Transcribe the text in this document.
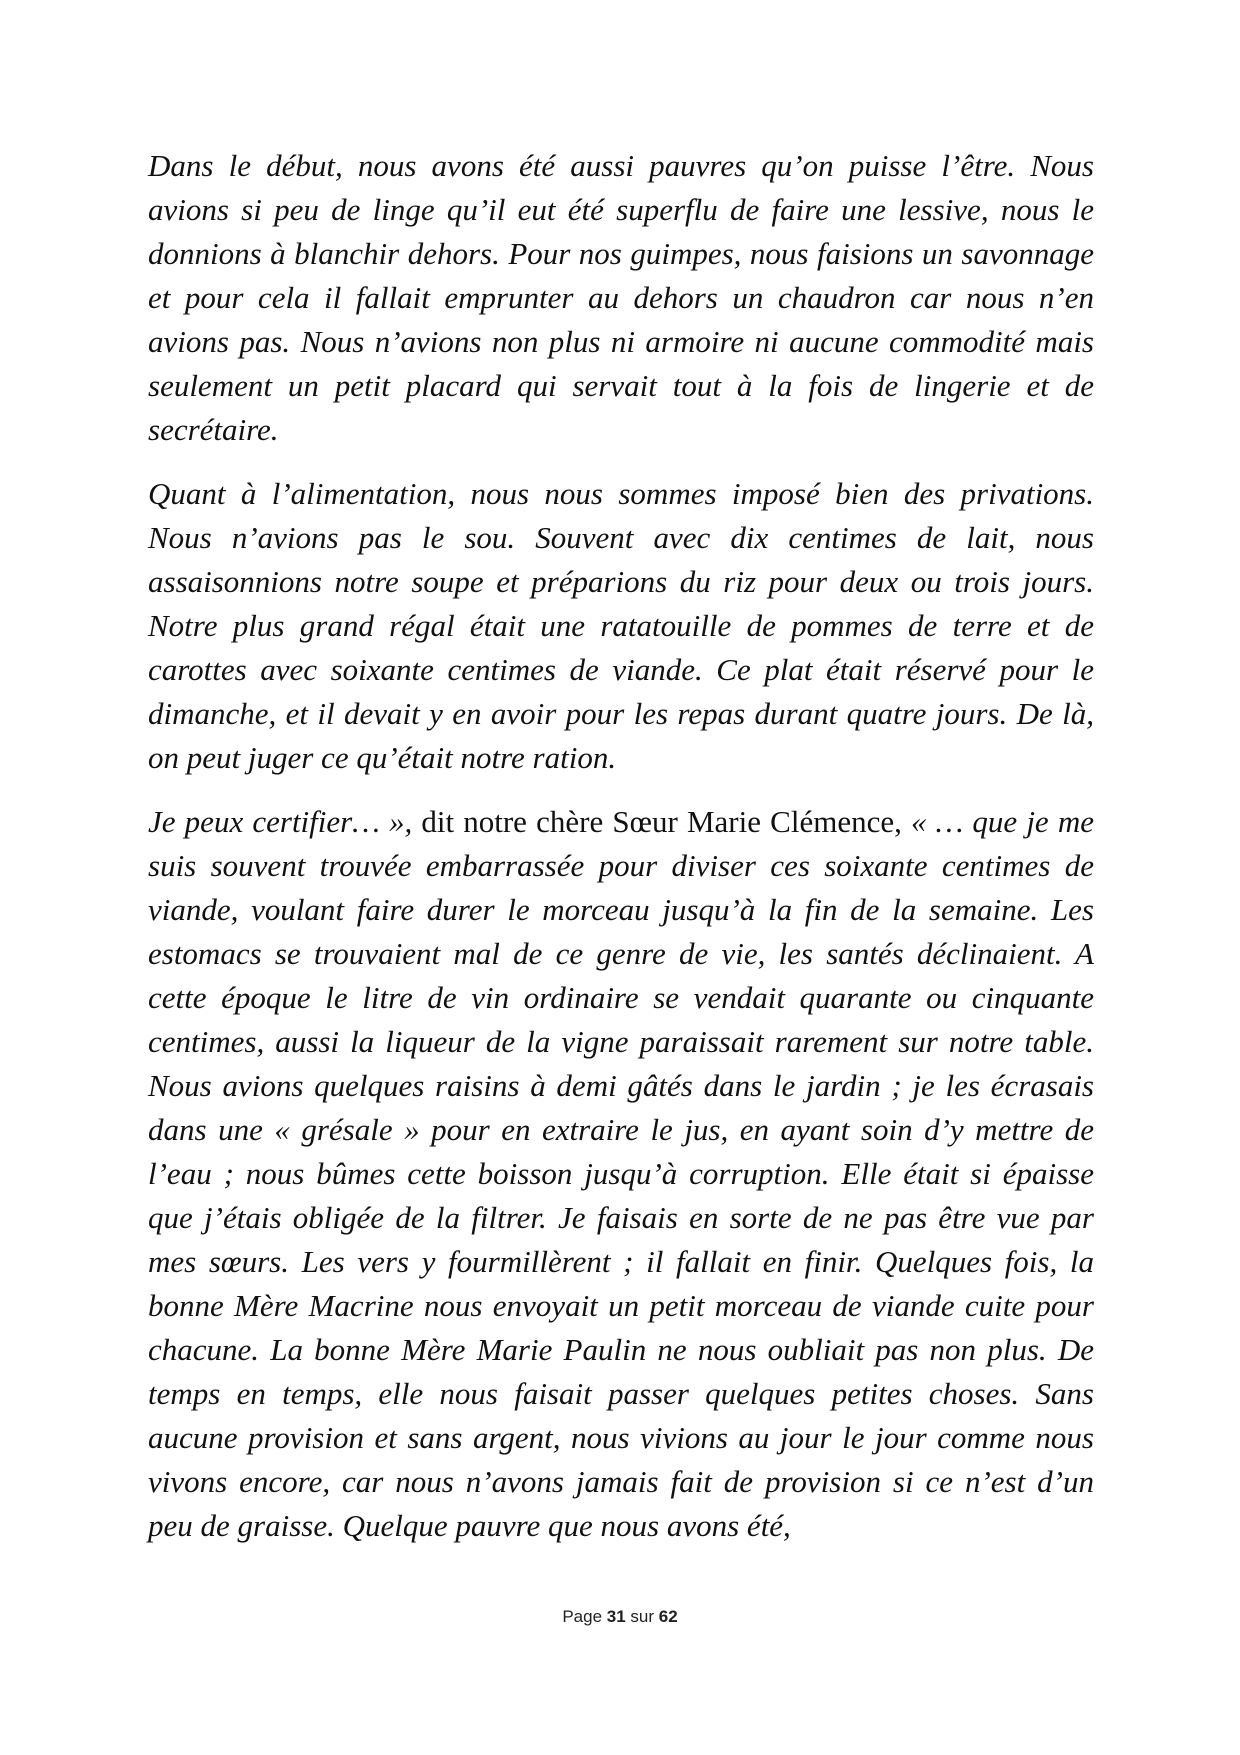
Dans le début, nous avons été aussi pauvres qu’on puisse l’être. Nous avions si peu de linge qu’il eut été superflu de faire une lessive, nous le donnions à blanchir dehors. Pour nos guimpes, nous faisions un savonnage et pour cela il fallait emprunter au dehors un chaudron car nous n’en avions pas. Nous n’avions non plus ni armoire ni aucune commodité mais seulement un petit placard qui servait tout à la fois de lingerie et de secrétaire.

Quant à l’alimentation, nous nous sommes imposé bien des privations. Nous n’avions pas le sou. Souvent avec dix centimes de lait, nous assaisonnions notre soupe et préparions du riz pour deux ou trois jours. Notre plus grand régal était une ratatouille de pommes de terre et de carottes avec soixante centimes de viande. Ce plat était réservé pour le dimanche, et il devait y en avoir pour les repas durant quatre jours. De là, on peut juger ce qu’était notre ration.

Je peux certifier… », dit notre chère Sœur Marie Clémence, « … que je me suis souvent trouvée embarrassée pour diviser ces soixante centimes de viande, voulant faire durer le morceau jusqu’à la fin de la semaine. Les estomacs se trouvaient mal de ce genre de vie, les santés déclinaient. A cette époque le litre de vin ordinaire se vendait quarante ou cinquante centimes, aussi la liqueur de la vigne paraissait rarement sur notre table. Nous avions quelques raisins à demi gâtés dans le jardin ; je les écrasais dans une « grésale » pour en extraire le jus, en ayant soin d’y mettre de l’eau ; nous bûmes cette boisson jusqu’à corruption. Elle était si épaisse que j’étais obligée de la filtrer. Je faisais en sorte de ne pas être vue par mes sœurs. Les vers y fourmillèrent ; il fallait en finir. Quelques fois, la bonne Mère Macrine nous envoyait un petit morceau de viande cuite pour chacune. La bonne Mère Marie Paulin ne nous oubliait pas non plus. De temps en temps, elle nous faisait passer quelques petites choses. Sans aucune provision et sans argent, nous vivions au jour le jour comme nous vivons encore, car nous n’avons jamais fait de provision si ce n’est d’un peu de graisse. Quelque pauvre que nous avons été,

Page 31 sur 62
